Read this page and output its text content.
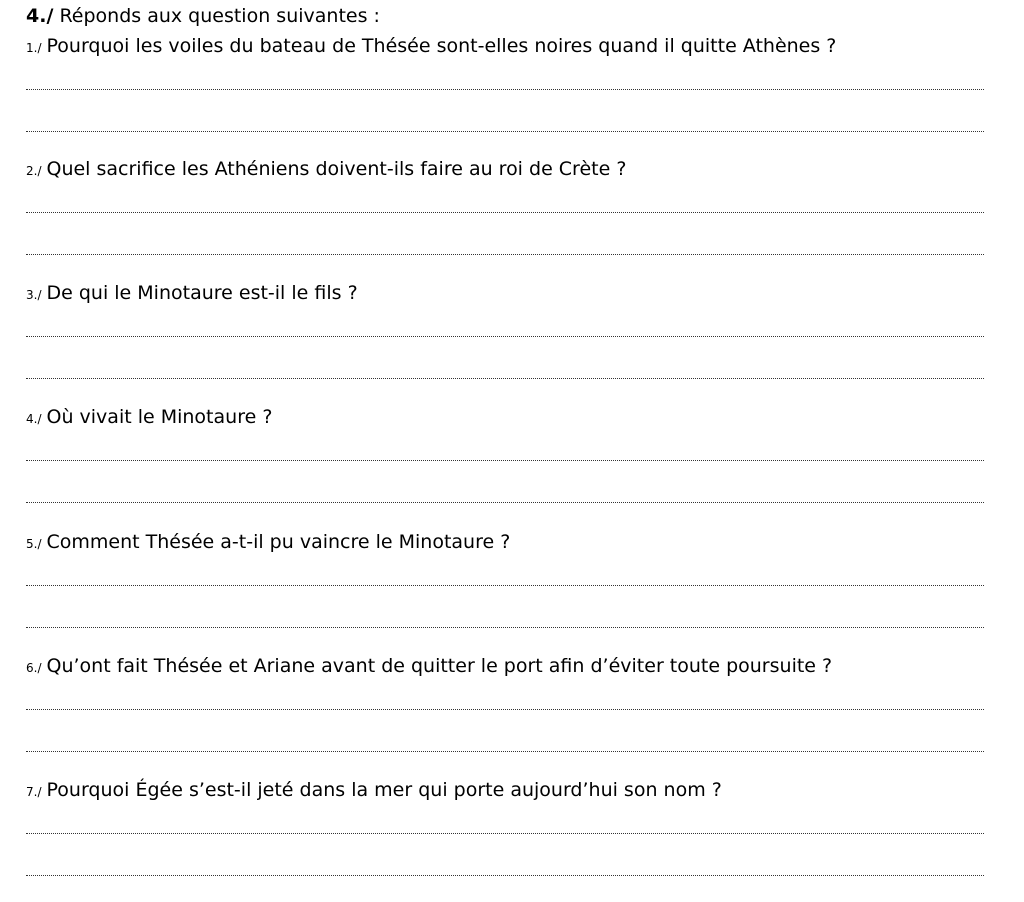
4./ Réponds aux question suivantes :
1./ Pourquoi les voiles du bateau de Thésée sont-elles noires quand il quitte Athènes ?
2./ Quel sacrifice les Athéniens doivent-ils faire au roi de Crète ?
3./ De qui le Minotaure est-il le fils ?
4./ Où vivait le Minotaure ?
5./ Comment Thésée a-t-il pu vaincre le Minotaure ?
6./ Qu’ont fait Thésée et Ariane avant de quitter le port afin d’éviter toute poursuite ?
7./ Pourquoi Égée s’est-il jeté dans la mer qui porte aujourd’hui son nom ?
